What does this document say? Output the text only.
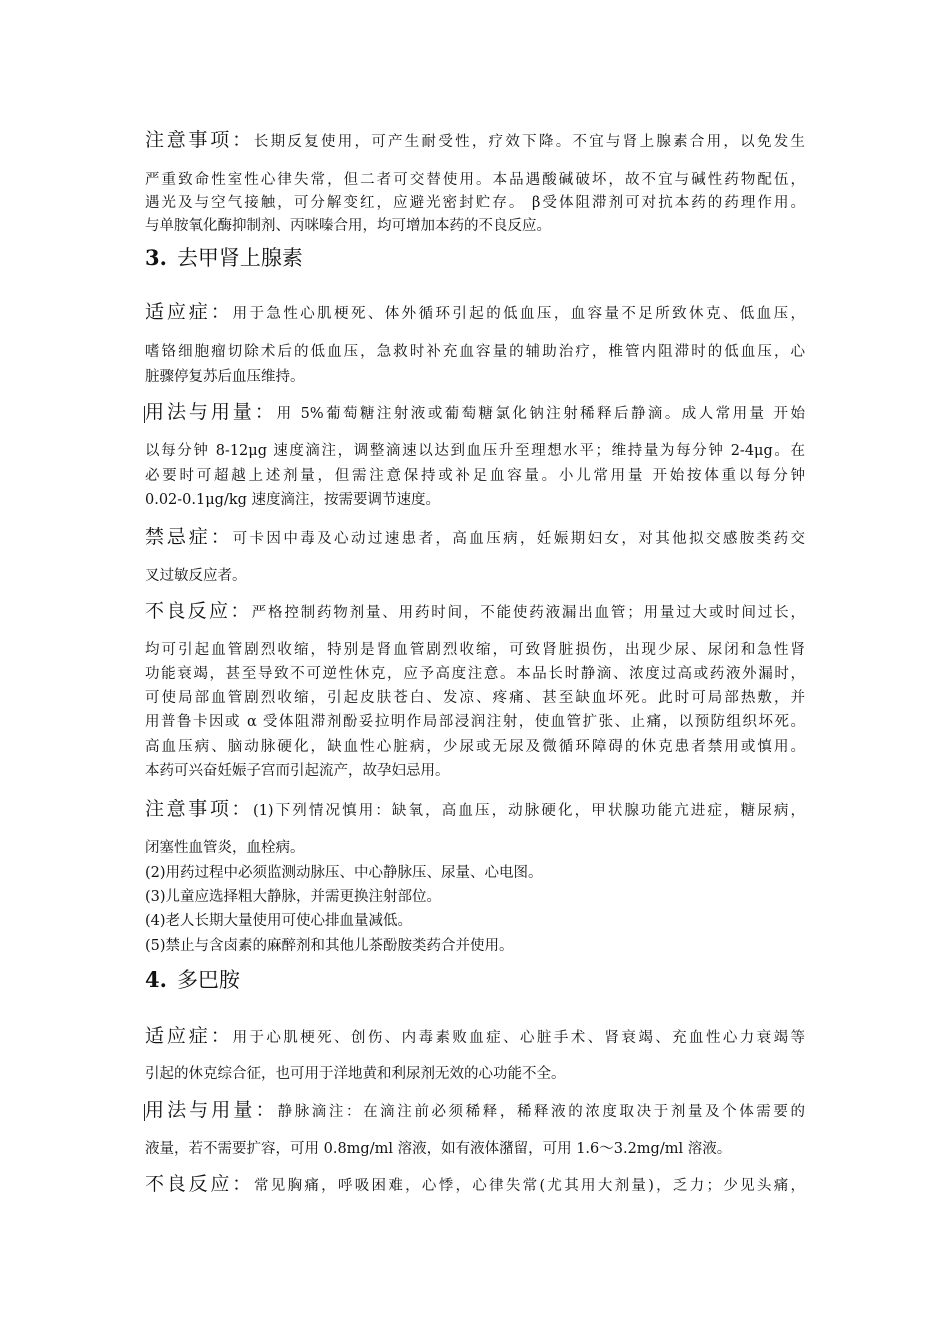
注意事项：长期反复使用，可产生耐受性，疗效下降。不宜与肾上腺素合用，以免发生
严重致命性室性心律失常，但二者可交替使用。本品遇酸碱破坏，故不宜与碱性药物配伍，
遇光及与空气接触，可分解变红，应避光密封贮存。 β受体阻滞剂可对抗本药的药理作用。
与单胺氧化酶抑制剂、丙咪嗪合用，均可增加本药的不良反应。
3. 去甲肾上腺素
适应症：用于急性心肌梗死、体外循环引起的低血压，血容量不足所致休克、低血压，
嗜铬细胞瘤切除术后的低血压，急救时补充血容量的辅助治疗，椎管内阻滞时的低血压，心
脏骤停复苏后血压维持。
用法与用量：用 5%葡萄糖注射液或葡萄糖氯化钠注射稀释后静滴。成人常用量 开始
以每分钟 8-12μg 速度滴注，调整滴速以达到血压升至理想水平；维持量为每分钟 2-4μg。在
必要时可超越上述剂量，但需注意保持或补足血容量。小儿常用量 开始按体重以每分钟
0.02-0.1μg/kg 速度滴注，按需要调节速度。
禁忌症：可卡因中毒及心动过速患者，高血压病，妊娠期妇女，对其他拟交感胺类药交
叉过敏反应者。
不良反应：严格控制药物剂量、用药时间，不能使药液漏出血管；用量过大或时间过长，
均可引起血管剧烈收缩，特别是肾血管剧烈收缩，可致肾脏损伤，出现少尿、尿闭和急性肾
功能衰竭，甚至导致不可逆性休克，应予高度注意。本品长时静滴、浓度过高或药液外漏时，
可使局部血管剧烈收缩，引起皮肤苍白、发凉、疼痛、甚至缺血坏死。此时可局部热敷，并
用普鲁卡因或 α 受体阻滞剂酚妥拉明作局部浸润注射，使血管扩张、止痛，以预防组织坏死。
高血压病、脑动脉硬化，缺血性心脏病，少尿或无尿及微循环障碍的休克患者禁用或慎用。
本药可兴奋妊娠子宫而引起流产，故孕妇忌用。
注意事项：(1)下列情况慎用：缺氧，高血压，动脉硬化，甲状腺功能亢进症，糖尿病，
闭塞性血管炎，血栓病。
(2)用药过程中必须监测动脉压、中心静脉压、尿量、心电图。
(3)儿童应选择粗大静脉，并需更换注射部位。
(4)老人长期大量使用可使心排血量减低。
(5)禁止与含卤素的麻醉剂和其他儿茶酚胺类药合并使用。
4. 多巴胺
适应症：用于心肌梗死、创伤、内毒素败血症、心脏手术、肾衰竭、充血性心力衰竭等
引起的休克综合征，也可用于洋地黄和利尿剂无效的心功能不全。
用法与用量：静脉滴注：在滴注前必须稀释，稀释液的浓度取决于剂量及个体需要的
液量，若不需要扩容，可用 0.8mg/ml 溶液，如有液体潴留，可用 1.6～3.2mg/ml 溶液。
不良反应：常见胸痛，呼吸困难，心悸，心律失常(尤其用大剂量)，乏力；少见头痛，
